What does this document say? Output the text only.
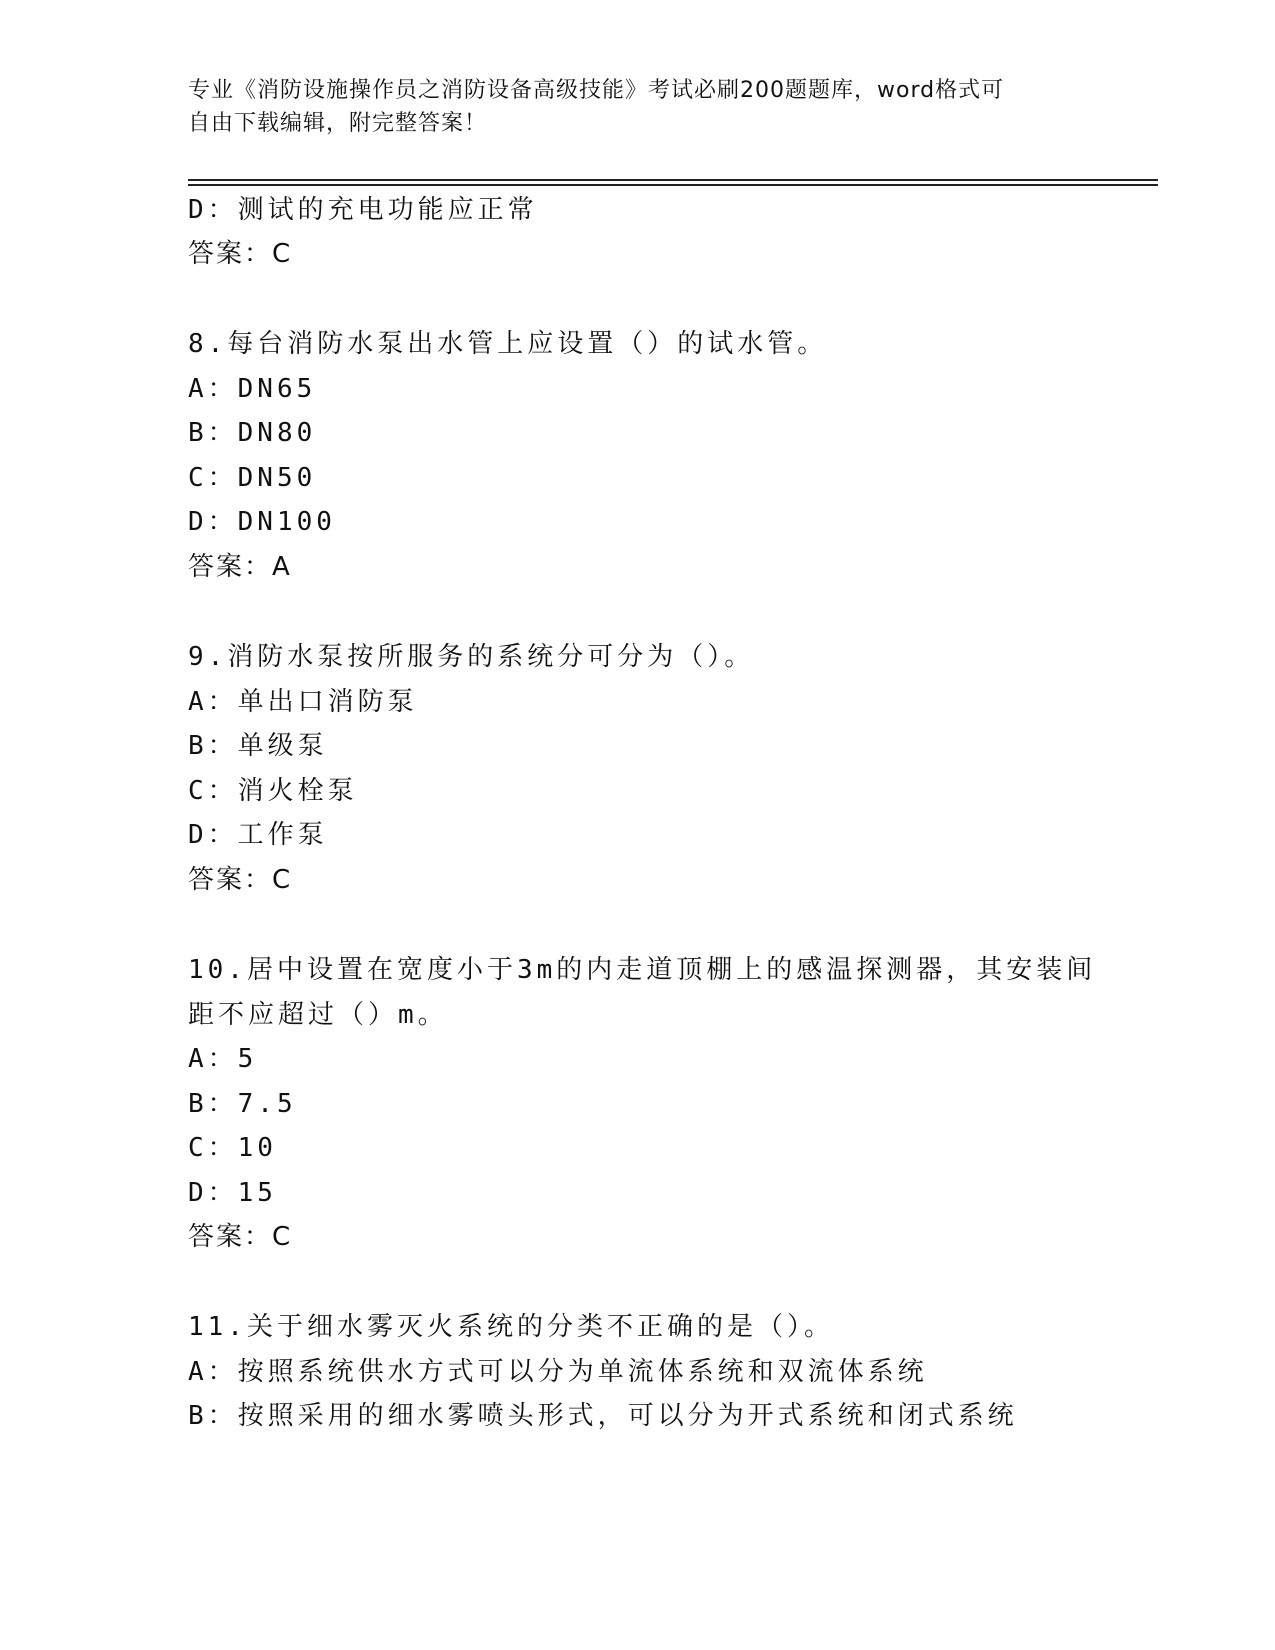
专业《消防设施操作员之消防设备高级技能》考试必刷200题题库，word格式可
自由下载编辑，附完整答案！
D：测试的充电功能应正常
答案：C
8.每台消防水泵出水管上应设置（）的试水管。
A：DN65
B：DN80
C：DN50
D：DN100
答案：A
9.消防水泵按所服务的系统分可分为（）。
A：单出口消防泵
B：单级泵
C：消火栓泵
D：工作泵
答案：C
10.居中设置在宽度小于3m的内走道顶棚上的感温探测器，其安装间
距不应超过（）m。
A：5
B：7.5
C：10
D：15
答案：C
11.关于细水雾灭火系统的分类不正确的是（）。
A：按照系统供水方式可以分为单流体系统和双流体系统
B：按照采用的细水雾喷头形式，可以分为开式系统和闭式系统
